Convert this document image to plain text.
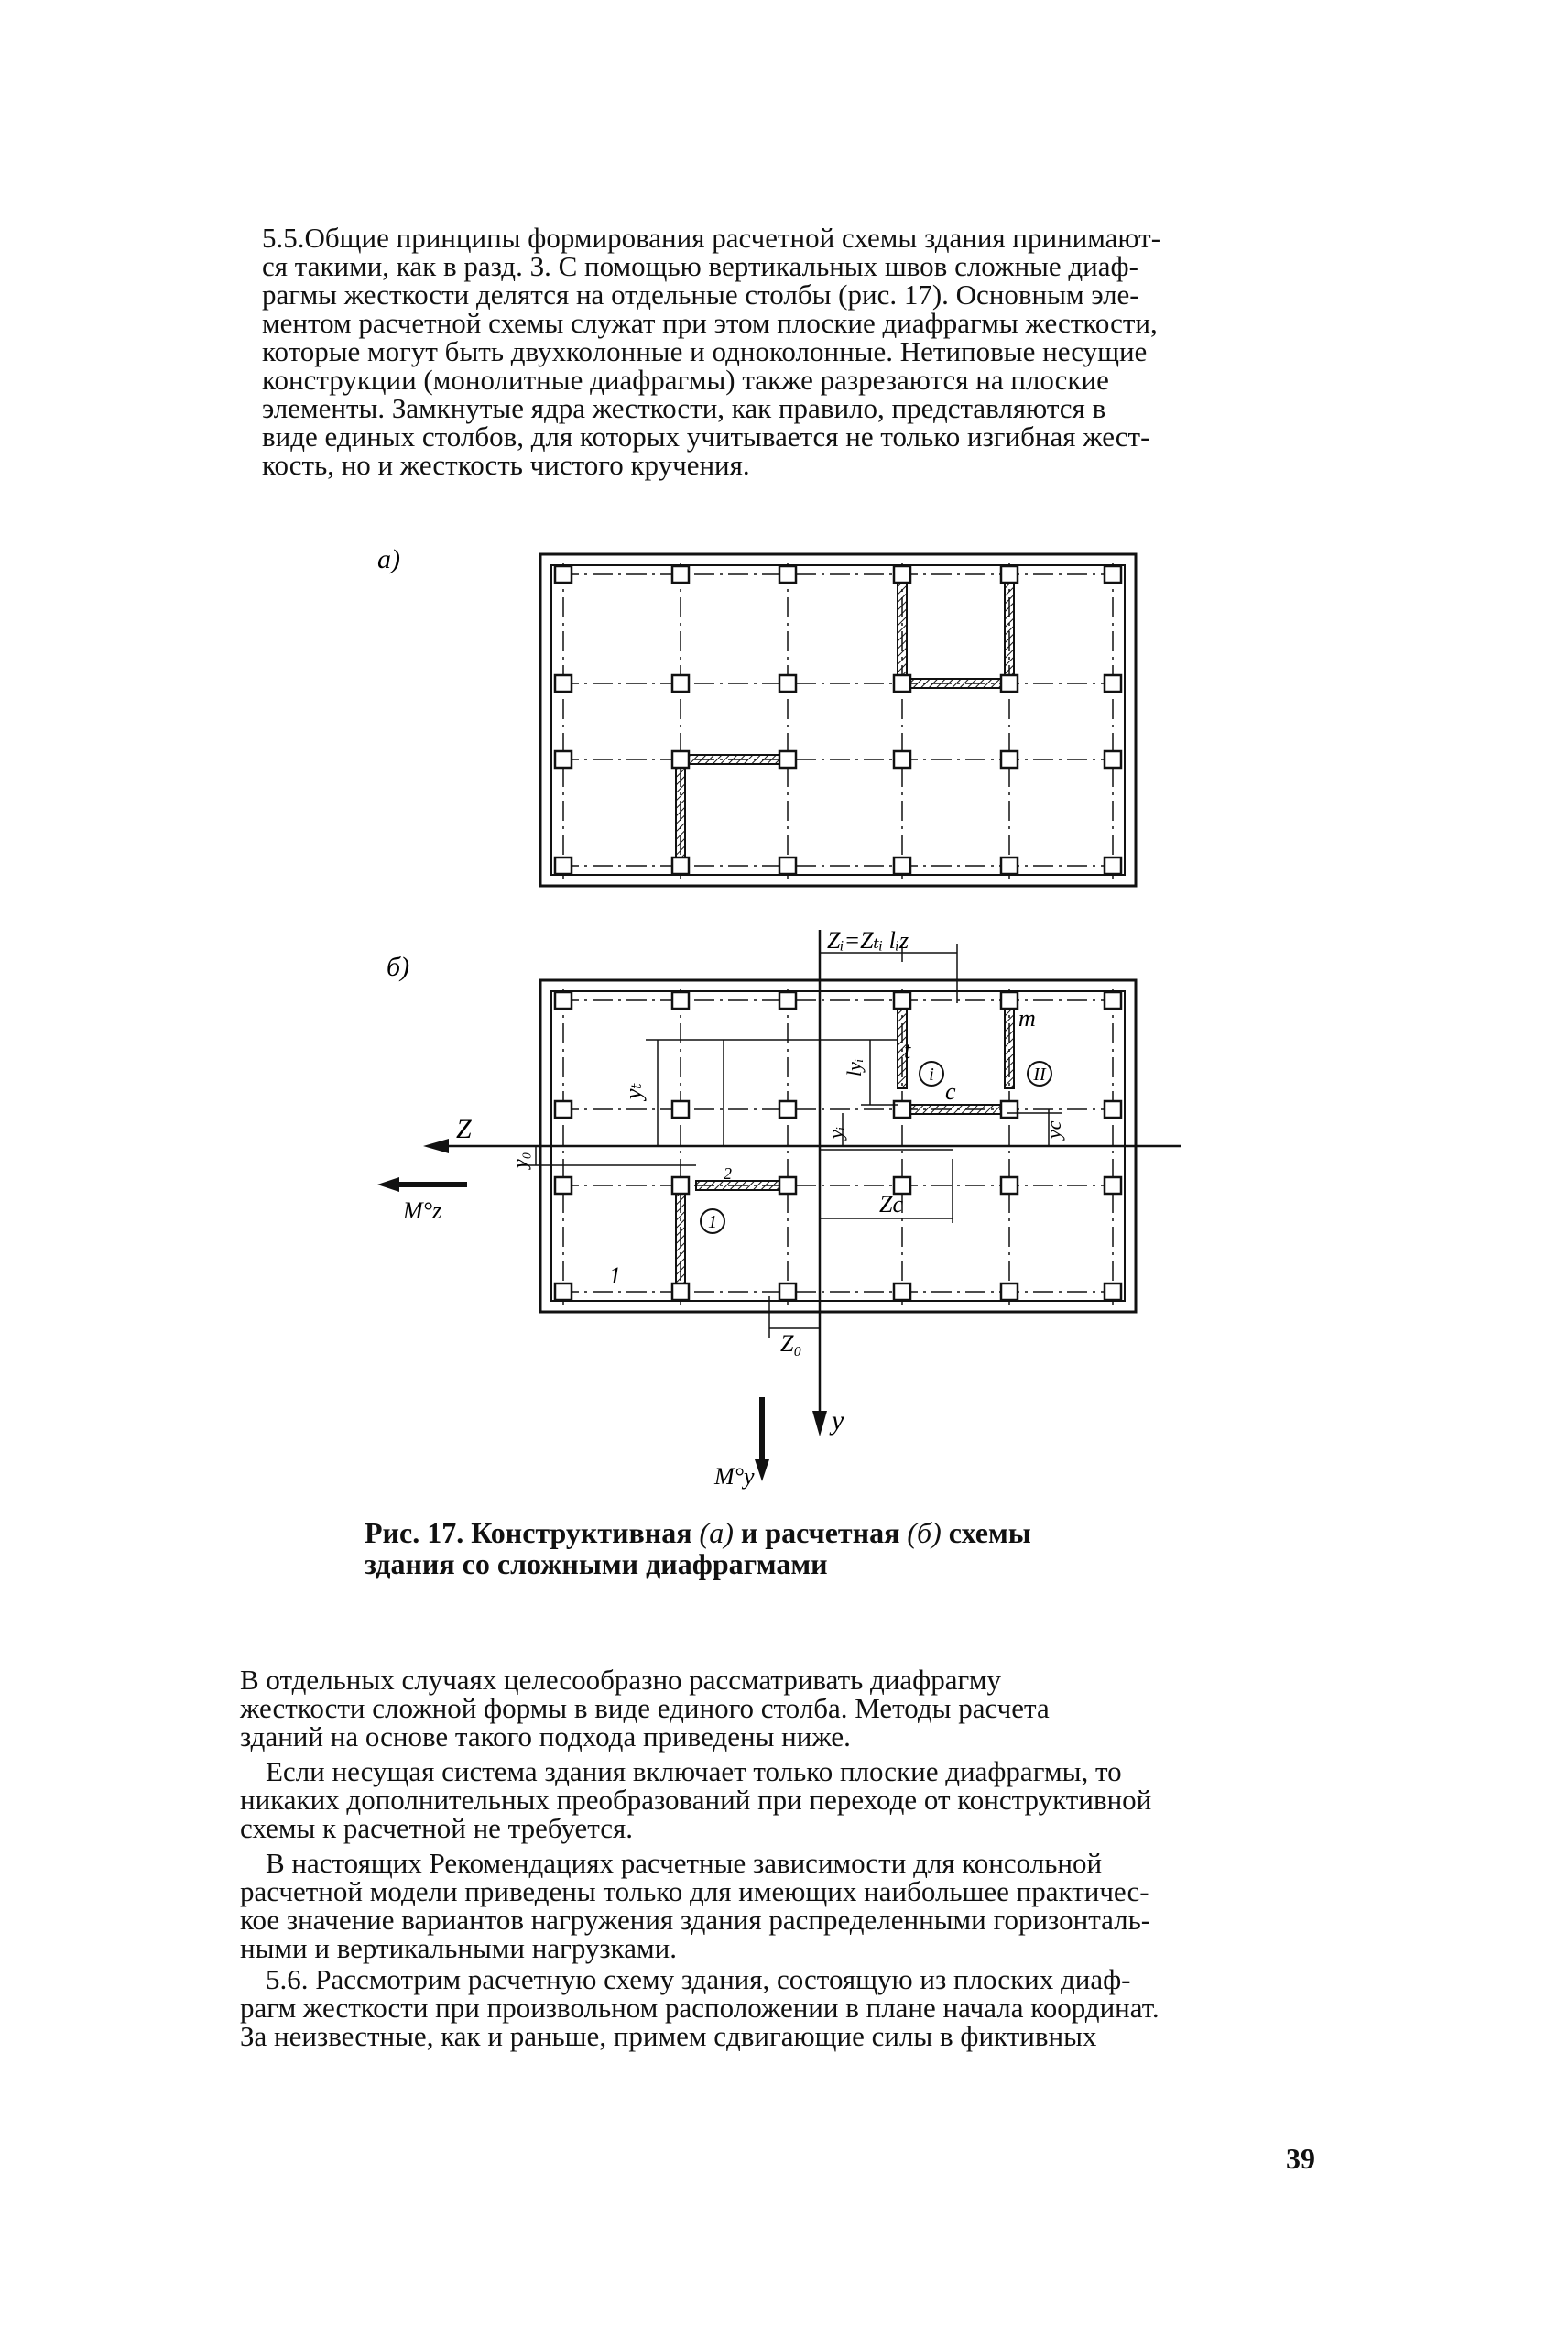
5.5.Общие принципы формирования расчетной схемы здания принимают-
ся такими, как в разд. 3. С помощью вертикальных швов сложные диаф-
рагмы жесткости делятся на отдельные столбы (рис. 17). Основным эле-
ментом расчетной схемы служат при этом плоские диафрагмы жесткости,
которые могут быть двухколонные и одноколонные. Нетиповые несущие
конструкции (монолитные диафрагмы) также разрезаются на плоские
элементы. Замкнутые ядра жесткости, как правило, представляются в
виде единых столбов, для которых учитывается не только изгибная жест-
кость, но и жесткость чистого кручения.
а)
б)
Zᵢ=Zₜᵢ lᵢz
t
m
c
1
2
yₜ
lyᵢ
yᵢ	yc
y₀
Zc
Z₀
Z
y
M°z
M°y
i	II
1
Рис. 17. Конструктивная (а) и расчетная (б) схемы
здания со сложными диафрагмами
В отдельных случаях целесообразно рассматривать диафрагму
жесткости сложной формы в виде единого столба. Методы расчета
зданий на основе такого подхода приведены ниже.
Если несущая система здания включает только плоские диафрагмы, то
никаких дополнительных преобразований при переходе от конструктивной
схемы к расчетной не требуется.
В настоящих Рекомендациях расчетные зависимости для консольной
расчетной модели приведены только для имеющих наибольшее практичес-
кое значение вариантов нагружения здания распределенными горизонталь-
ными и вертикальными нагрузками.
5.6. Рассмотрим расчетную схему здания, состоящую из плоских диаф-
рагм жесткости при произвольном расположении в плане начала координат.
За неизвестные, как и раньше, примем сдвигающие силы в фиктивных
39
